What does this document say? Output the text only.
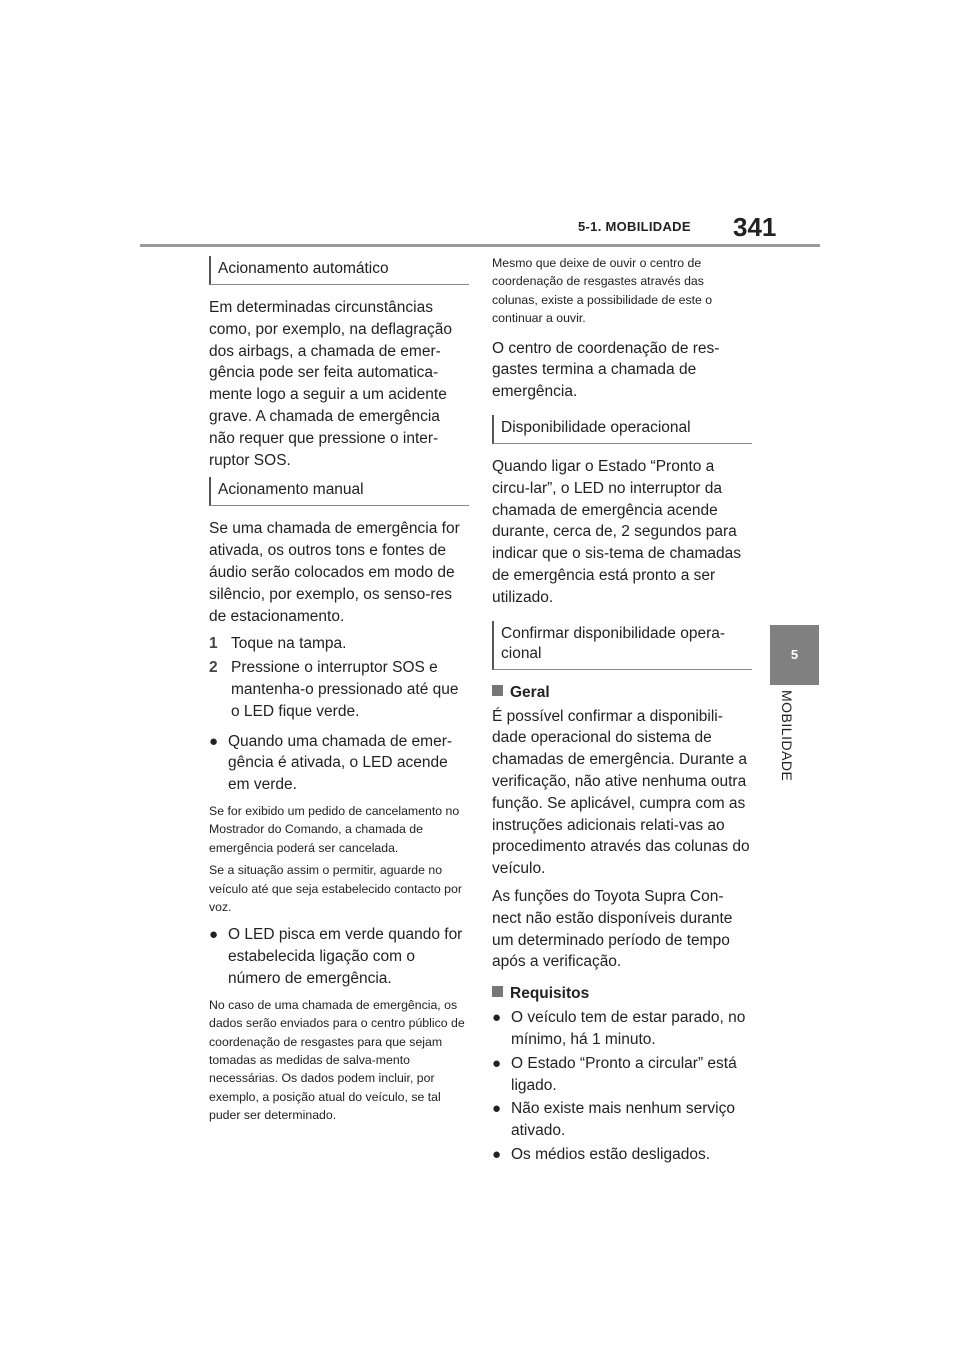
5-1. MOBILIDADE 341
5
MOBILIDADE
Acionamento automático

Em determinadas circunstâncias como, por exemplo, na deflagração dos airbags, a chamada de emer-gência pode ser feita automatica-mente logo a seguir a um acidente grave. A chamada de emergência não requer que pressione o inter-ruptor SOS.

Acionamento manual

Se uma chamada de emergência for ativada, os outros tons e fontes de áudio serão colocados em modo de silêncio, por exemplo, os senso-res de estacionamento.

1 Toque na tampa.
2 Pressione o interruptor SOS e mantenha-o pressionado até que o LED fique verde.
● Quando uma chamada de emer-gência é ativada, o LED acende em verde.

Se for exibido um pedido de cancelamento no Mostrador do Comando, a chamada de emergência poderá ser cancelada.

Se a situação assim o permitir, aguarde no veículo até que seja estabelecido contacto por voz.

● O LED pisca em verde quando for estabelecida ligação com o número de emergência.

No caso de uma chamada de emergência, os dados serão enviados para o centro público de coordenação de resgastes para que sejam tomadas as medidas de salva-mento necessárias. Os dados podem incluir, por exemplo, a posição atual do veículo, se tal puder ser determinado.

Mesmo que deixe de ouvir o centro de coordenação de resgastes através das colunas, existe a possibilidade de este o continuar a ouvir.

O centro de coordenação de res-gastes termina a chamada de emergência.

Disponibilidade operacional

Quando ligar o Estado “Pronto a circu-lar”, o LED no interruptor da chamada de emergência acende durante, cerca de, 2 segundos para indicar que o sis-tema de chamadas de emergência está pronto a ser utilizado.

Confirmar disponibilidade opera-cional
Geral

É possível confirmar a disponibili-dade operacional do sistema de chamadas de emergência. Durante a verificação, não ative nenhuma outra função. Se aplicável, cumpra com as instruções adicionais relati-vas ao procedimento através das colunas do veículo.

As funções do Toyota Supra Con-nect não estão disponíveis durante um determinado período de tempo após a verificação.

Requisitos
● O veículo tem de estar parado, no mínimo, há 1 minuto.
● O Estado “Pronto a circular” está ligado.
● Não existe mais nenhum serviço ativado.
● Os médios estão desligados.
